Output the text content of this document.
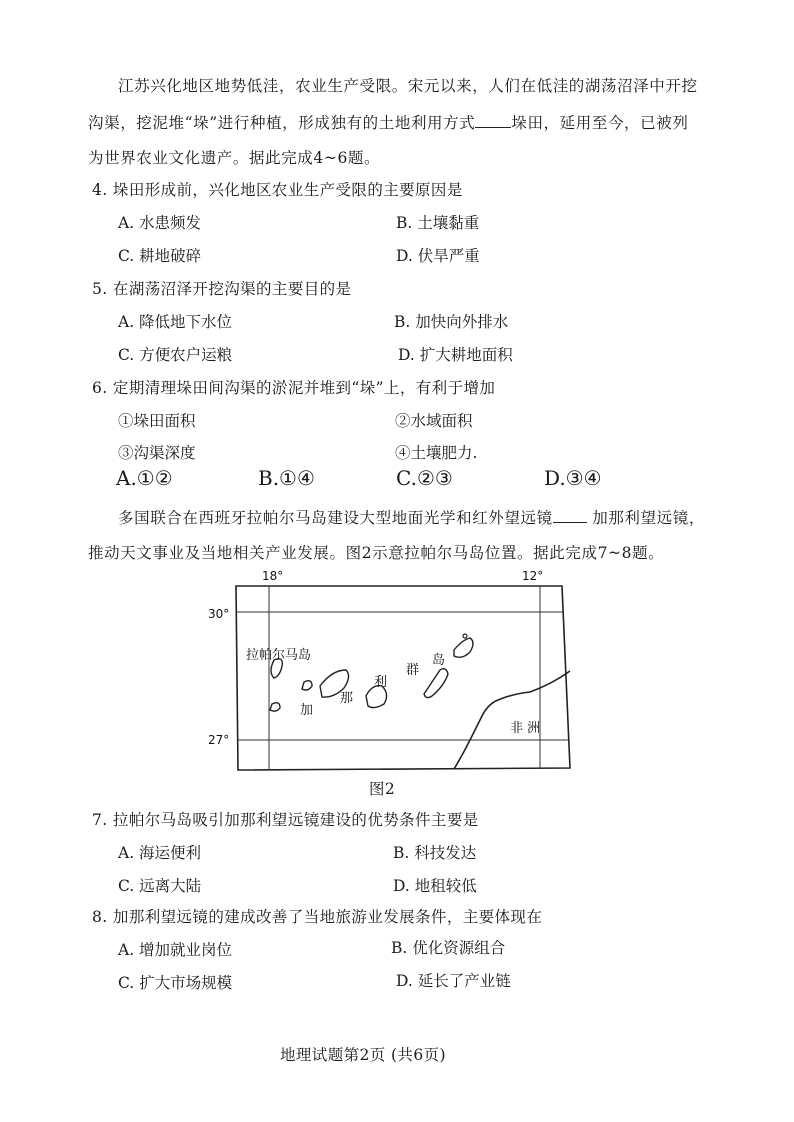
江苏兴化地区地势低洼，农业生产受限。宋元以来，人们在低洼的湖荡沼泽中开挖
沟渠，挖泥堆“垛”进行种植，形成独有的土地利用方式 垛田，延用至今，已被列
为世界农业文化遗产。据此完成4~6题。
4. 垛田形成前，兴化地区农业生产受限的主要原因是
A. 水患频发	B. 土壤黏重
C. 耕地破碎	D. 伏旱严重
5. 在湖荡沼泽开挖沟渠的主要目的是
A. 降低地下水位	B. 加快向外排水
C. 方便农户运粮	D. 扩大耕地面积
6. 定期清理垛田间沟渠的淤泥并堆到“垛”上，有利于增加
①垛田面积	②水域面积
③沟渠深度	④土壤肥力.
A.①②	B.①④	C.②③	D.③④
多国联合在西班牙拉帕尔马岛建设大型地面光学和红外望远镜	加那利望远镜，
推动天文事业及当地相关产业发展。图2示意拉帕尔马岛位置。据此完成7~8题。
18°	12°
30°
27°
拉帕尔马岛
加
那
利
群
岛
非 洲
图2
7. 拉帕尔马岛吸引加那利望远镜建设的优势条件主要是
A. 海运便利	B. 科技发达
C. 远离大陆	D. 地租较低
8. 加那利望远镜的建成改善了当地旅游业发展条件，主要体现在
A. 增加就业岗位	B. 优化资源组合
C. 扩大市场规模	D. 延长了产业链
地理试题第2页 (共6页)
